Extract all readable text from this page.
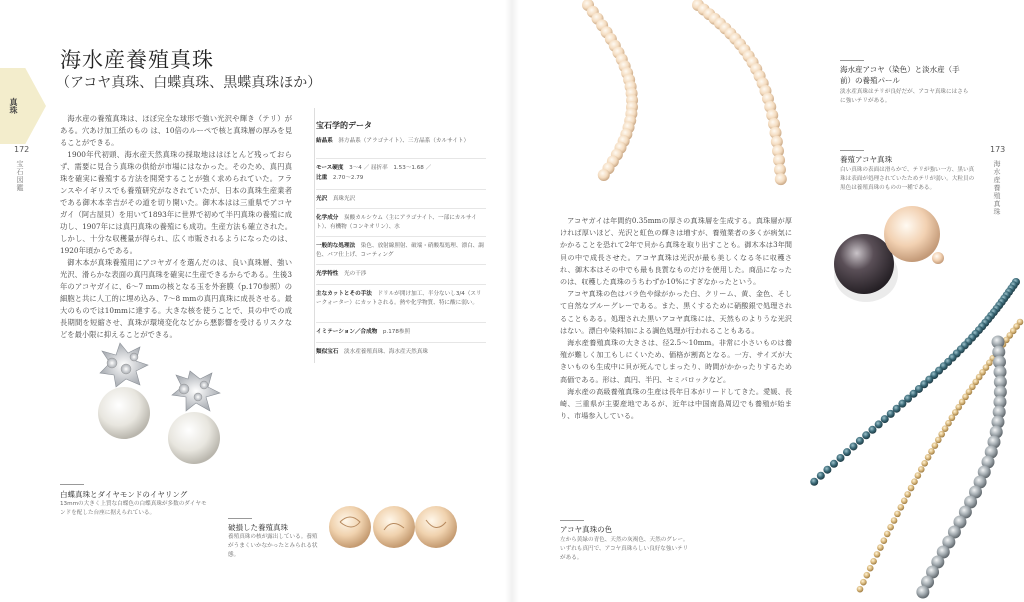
真珠
172
宝石図鑑
海水産養殖真珠
（アコヤ真珠、白蝶真珠、黒蝶真珠ほか）

海水産の養殖真珠は、ほぼ完全な球形で強い光沢や輝き（テリ）がある。穴あけ加工紙のもの は、10倍のルーペで核と真珠層の厚みを見ることができる。

1900年代初頭、海水産天然真珠の採取地ははほとんど残っておらず、需要に見合う真珠の供給が市場にはなかった。そのため、真円真珠を確実に養殖する方法を開発することが強く求められていた。フランスやイギリスでも養殖研究がなされていたが、日本の真珠生産業者である御木本幸吉がその道を切り開いた。御木本はは三重県でアコヤガイ（阿古屋貝）を用いて1893年に世界で初めて半円真珠の養殖に成功し、1907年には真円真珠の養殖にも成功。生産方法も確立された。しかし、十分な収穫量が得られ、広く市販されるようになったのは、1920年頃からである。

御木本が真珠養殖用にアコヤガイを選んだのは、良い真珠層、強い光沢、滑らかな表面の真円真珠を確実に生産できるからである。生後3年のアコヤガイに、6～7 mmの核となる玉を外套膜（p.170参照）の細胞と共に人工的に埋め込み、7～8 mmの真円真珠に成長させる。最大のものでは10mmに達する。大きな核を使うことで、貝の中での成長期間を短縮させ、真珠が環境変化などから悪影響を受けるリスクなどを最小限に抑えることができる。

宝石学的データ
結晶系　 斜方晶系（アラゴナイト）、三方晶系（カルサイト）
モース硬度　 3～4 ／ 屈折率　1.53～1.68 ／
比重　 2.70～2.79
光沢　 真珠光沢
化学成分　 炭酸カルシウム（主にアラゴナイト、一部にカルサイト）、有機物（コンキオリン）、水
一般的な処理法　 染色、放射線照射、破端・硝酸塩処理、漂白、調色、バフ仕上げ、コーティング
光学特性　 光の干渉
主なカットとその手法　 ドリルが開け加工、半分ないし3/4（スリークォーター）にカットされる。熱や化学物質、特に酸に弱い。
イミテーション／合成物　 p.178参照
類似宝石　 淡水産養殖真珠、海水産天然真珠
白蝶真珠とダイヤモンドのイヤリング
13mmの大きく上質な白蝶色の白蝶真珠が多数のダイヤモンドを配した台座に据えられている。
破損した養殖真珠
養殖真珠の核が露出している。養殖がうまくいかなかったとみられる状態。
海水産アコヤ（染色）と淡水産（手前）の養殖パール
淡水産真珠はテリが良好だが、アコヤ真珠にはさらに強いテリがある。
養殖アコヤ真珠
白い真珠の表面は滑らかで、テリが強い一方、黒い真珠は表面が処理されていたためテリが弱い。大粒貝の黒色は養殖真珠のものの一種である。
173
海水産養殖真珠

アコヤガイは年間約0.35mmの厚さの真珠層を生成する。真珠層が厚ければ厚いほど、光沢と虹色の輝きは増すが、養殖業者の多くが病気にかかることを恐れて2年で貝から真珠を取り出すことも。御木本は3年間貝の中で成長させた。アコヤ真珠は光沢が最も美しくなる冬に収穫され、御木本はその中でも最も良質なものだけを使用した。商品になったのは、収穫した真珠のうちわずか10%にすぎなかったという。

アコヤ真珠の色はバラ色や緑がかった白、クリーム、黄、金色、そして自然なブルーグレーである。また、黒くするために硝酸銀で処理されることもある。処理された黒いアコヤ真珠には、天然ものよりうな光沢はない。漂白や染料加による調色処理が行われることもある。

海水産養殖真珠の大きさは、径2.5～10mm。非常に小さいものは養殖が難しく加工もしにくいため、価格が割高となる。一方、サイズが大きいものも生成中に貝が死んでしまったり、時間がかかったりするため高価である。形は、真円、半円、セミバロックなど。

海水産の高級養殖真珠の生産は長年日本がリードしてきた。愛媛、長崎、三重県が主要産地であるが、近年は中国南島周辺でも養殖が始まり、市場参入している。

アコヤ真珠の色
左から黄緑の青色、天然の灰褐色、天然のグレー。いずれも真円で、アコヤ真珠らしい良好な強いテリがある。
